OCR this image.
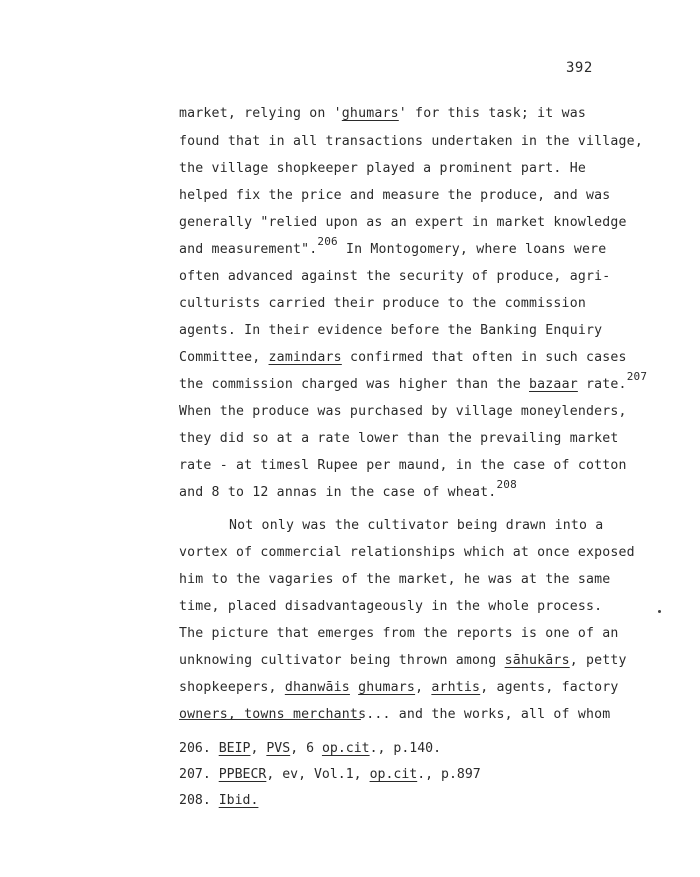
392
market, relying on 'ghumars' for this task; it was
found that in all transactions undertaken in the village,
the village shopkeeper played a prominent part. He
helped fix the price and measure the produce, and was
generally "relied upon as an expert in market knowledge
and measurement".$^{206}$ In Montogomery, where loans were
often advanced against the security of produce, agri-
culturists carried their produce to the commission
agents. In their evidence before the Banking Enquiry
Committee, zamindars confirmed that often in such cases
the commission charged was higher than the bazaar rate.$^{207}$
When the produce was purchased by village moneylenders,
they did so at a rate lower than the prevailing market
rate - at timesl Rupee per maund, in the case of cotton
and 8 to 12 annas in the case of wheat.$^{208}$
Not only was the cultivator being drawn into a
vortex of commercial relationships which at once exposed
him to the vagaries of the market, he was at the same
time, placed disadvantageously in the whole process.
The picture that emerges from the reports is one of an
unknowing cultivator being thrown among sāhukārs, petty
shopkeepers, dhanwāis ghumars, arhtis, agents, factory
owners, towns merchants... and the works, all of whom
206. BEIP, PVS, 6 op.cit., p.140.
207. PPBECR, ev, Vol.1, op.cit., p.897
208. Ibid.
